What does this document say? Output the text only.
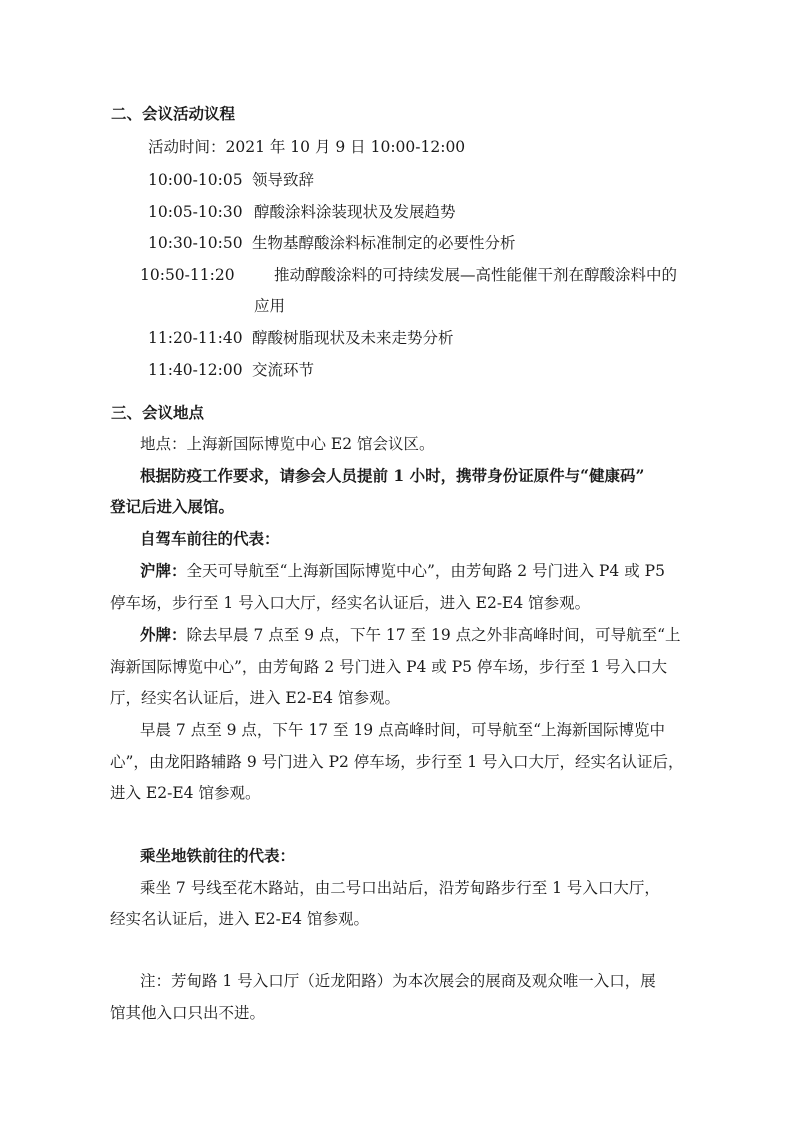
二、会议活动议程
活动时间：2021 年 10 月 9 日 10:00-12:00
10:00-10:05 领导致辞
10:05-10:30 醇酸涂料涂装现状及发展趋势
10:30-10:50 生物基醇酸涂料标准制定的必要性分析
10:50-11:20	推动醇酸涂料的可持续发展—高性能催干剂在醇酸涂料中的
应用
11:20-11:40 醇酸树脂现状及未来走势分析
11:40-12:00 交流环节
三、会议地点
地点：上海新国际博览中心 E2 馆会议区。
根据防疫工作要求，请参会人员提前 1 小时，携带身份证原件与“健康码”
登记后进入展馆。
自驾车前往的代表：
沪牌：全天可导航至“上海新国际博览中心”，由芳甸路 2 号门进入 P4 或 P5
停车场，步行至 1 号入口大厅，经实名认证后，进入 E2-E4 馆参观。
外牌：除去早晨 7 点至 9 点，下午 17 至 19 点之外非高峰时间，可导航至“上
海新国际博览中心”，由芳甸路 2 号门进入 P4 或 P5 停车场，步行至 1 号入口大
厅，经实名认证后，进入 E2-E4 馆参观。
早晨 7 点至 9 点，下午 17 至 19 点高峰时间，可导航至“上海新国际博览中
心”，由龙阳路辅路 9 号门进入 P2 停车场，步行至 1 号入口大厅，经实名认证后，
进入 E2-E4 馆参观。
乘坐地铁前往的代表：
乘坐 7 号线至花木路站，由二号口出站后，沿芳甸路步行至 1 号入口大厅，
经实名认证后，进入 E2-E4 馆参观。
注：芳甸路 1 号入口厅（近龙阳路）为本次展会的展商及观众唯一入口，展
馆其他入口只出不进。
